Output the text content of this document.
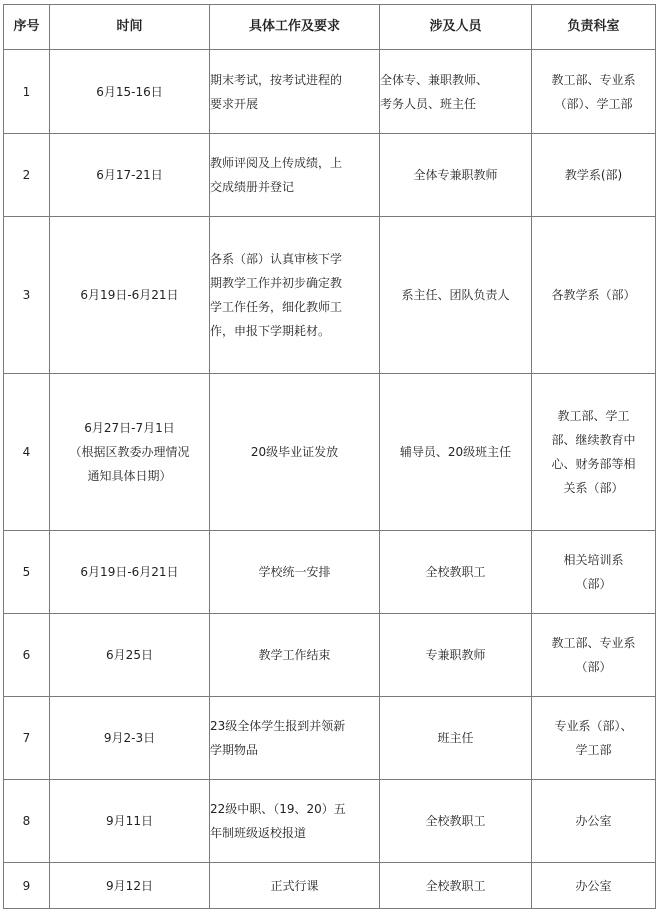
序号	时间	具体工作及要求	涉及人员	负责科室
1	6月15-16日	期末考试，按考试进程的
要求开展	全体专、兼职教师、
考务人员、班主任	教工部、专业系
（部）、学工部

2	6月17-21日	教师评阅及上传成绩，上
交成绩册并登记	全体专兼职教师	教学系(部)

3	6月19日-6月21日	各系（部）认真审核下学
期教学工作并初步确定教
学工作任务，细化教师工
作，申报下学期耗材。	系主任、团队负责人	各教学系（部）

4	6月27日-7月1日
（根据区教委办理情况
通知具体日期）	20级毕业证发放	辅导员、20级班主任	教工部、学工
部、继续教育中
心、财务部等相
关系（部）

5	6月19日-6月21日	学校统一安排	全校教职工	相关培训系
（部）

6	6月25日	教学工作结束	专兼职教师	教工部、专业系
（部）

7	9月2-3日	23级全体学生报到并领新
学期物品	班主任	专业系（部）、
学工部

8	9月11日	22级中职、（19、20）五
年制班级返校报道	全校教职工	办公室

9	9月12日	正式行课	全校教职工	办公室
